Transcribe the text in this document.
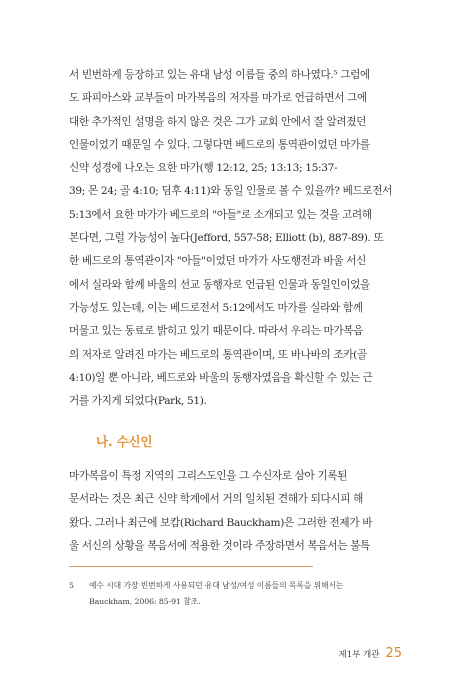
서 빈번하게 등장하고 있는 유대 남성 이름들 중의 하나였다.⁵ 그럼에
도 파피아스와 교부들이 마가복음의 저자를 마가로 언급하면서 그에
대한 추가적인 설명을 하지 않은 것은 그가 교회 안에서 잘 알려졌던
인물이었기 때문일 수 있다. 그렇다면 베드로의 통역관이었던 마가를
신약 성경에 나오는 요한 마가(행 12:12, 25; 13:13; 15:37-
39; 몬 24; 골 4:10; 딤후 4:11)와 동일 인물로 볼 수 있을까? 베드로전서
5:13에서 요한 마가가 베드로의 "아들"로 소개되고 있는 것을 고려해
본다면, 그럴 가능성이 높다(Jefford, 557-58; Elliott (b), 887-89). 또
한 베드로의 통역관이자 "아들"이었던 마가가 사도행전과 바울 서신
에서 실라와 함께 바울의 선교 동행자로 언급된 인물과 동일인이었을
가능성도 있는데, 이는 베드로전서 5:12에서도 마가를 실라와 함께
머물고 있는 동료로 밝히고 있기 때문이다. 따라서 우리는 마가복음
의 저자로 알려진 마가는 베드로의 통역관이며, 또 바나바의 조카(골
4:10)일 뿐 아니라, 베드로와 바울의 동행자였음을 확신할 수 있는 근
거를 가지게 되었다(Park, 51).
나. 수신인
마가복음이 특정 지역의 그리스도인을 그 수신자로 삼아 기록된
문서라는 것은 최근 신약 학계에서 거의 일치된 견해가 되다시피 해
왔다. 그러나 최근에 보캄(Richard Bauckham)은 그러한 전제가 바
울 서신의 상황을 복음서에 적용한 것이라 주장하면서 복음서는 불특
5 예수 시대 가장 빈번하게 사용되던 유대 남성/여성 이름들의 목록을 위해서는
Bauckham, 2006: 85-91 참조.
제1부 개관 25
